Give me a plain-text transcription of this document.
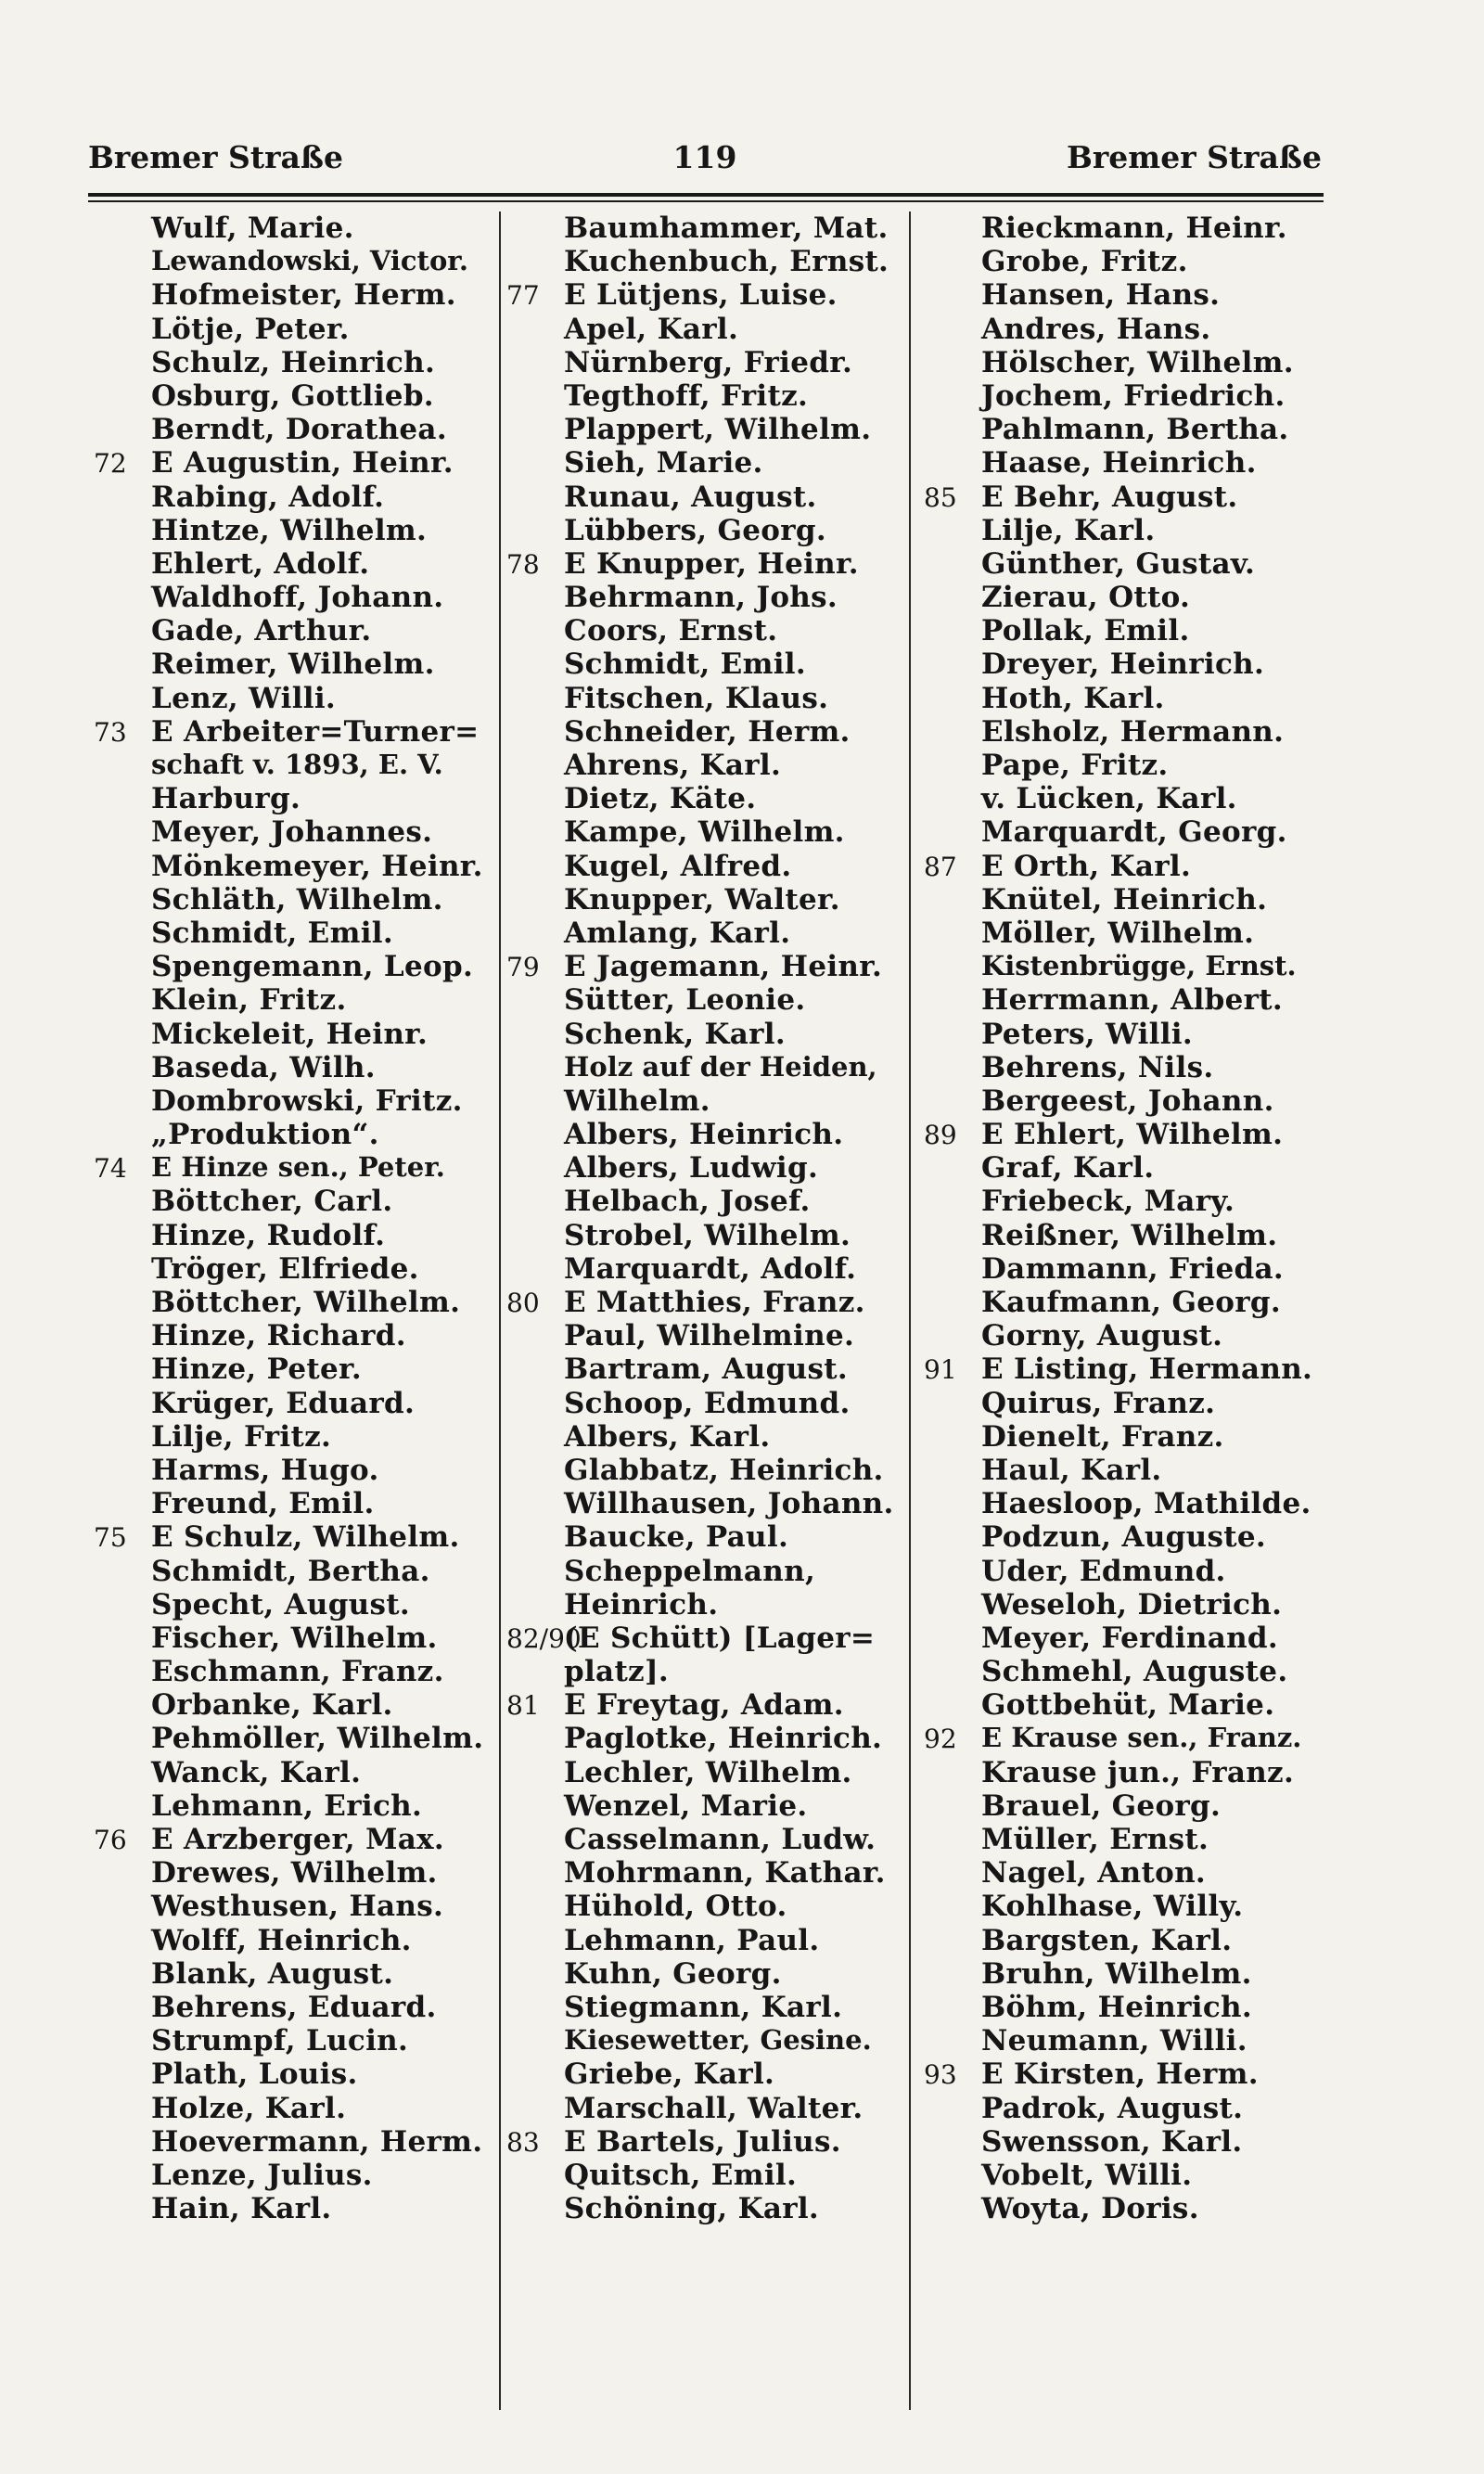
Bremer Straße	119	Bremer Straße
Wulf, Marie.
Lewandowski, Victor.
Hofmeister, Herm.
Lötje, Peter.
Schulz, Heinrich.
Osburg, Gottlieb.
Berndt, Dorathea.
72 E Augustin, Heinr.
Rabing, Adolf.
Hintze, Wilhelm.
Ehlert, Adolf.
Waldhoff, Johann.
Gade, Arthur.
Reimer, Wilhelm.
Lenz, Willi.
73 E Arbeiter=Turner=
schaft v. 1893, E. V.
Harburg.
Meyer, Johannes.
Mönkemeyer, Heinr.
Schläth, Wilhelm.
Schmidt, Emil.
Spengemann, Leop.
Klein, Fritz.
Mickeleit, Heinr.
Baseda, Wilh.
Dombrowski, Fritz.
„Produktion“.
74 E Hinze sen., Peter.
Böttcher, Carl.
Hinze, Rudolf.
Tröger, Elfriede.
Böttcher, Wilhelm.
Hinze, Richard.
Hinze, Peter.
Krüger, Eduard.
Lilje, Fritz.
Harms, Hugo.
Freund, Emil.
75 E Schulz, Wilhelm.
Schmidt, Bertha.
Specht, August.
Fischer, Wilhelm.
Eschmann, Franz.
Orbanke, Karl.
Pehmöller, Wilhelm.
Wanck, Karl.
Lehmann, Erich.
76 E Arzberger, Max.
Drewes, Wilhelm.
Westhusen, Hans.
Wolff, Heinrich.
Blank, August.
Behrens, Eduard.
Strumpf, Lucin.
Plath, Louis.
Holze, Karl.
Hoevermann, Herm.
Lenze, Julius.
Hain, Karl.
Baumhammer, Mat.
Kuchenbuch, Ernst.
77 E Lütjens, Luise.
Apel, Karl.
Nürnberg, Friedr.
Tegthoff, Fritz.
Plappert, Wilhelm.
Sieh, Marie.
Runau, August.
Lübbers, Georg.
78 E Knupper, Heinr.
Behrmann, Johs.
Coors, Ernst.
Schmidt, Emil.
Fitschen, Klaus.
Schneider, Herm.
Ahrens, Karl.
Dietz, Käte.
Kampe, Wilhelm.
Kugel, Alfred.
Knupper, Walter.
Amlang, Karl.
79 E Jagemann, Heinr.
Sütter, Leonie.
Schenk, Karl.
Holz auf der Heiden,
Wilhelm.
Albers, Heinrich.
Albers, Ludwig.
Helbach, Josef.
Strobel, Wilhelm.
Marquardt, Adolf.
80 E Matthies, Franz.
Paul, Wilhelmine.
Bartram, August.
Schoop, Edmund.
Albers, Karl.
Glabbatz, Heinrich.
Willhausen, Johann.
Baucke, Paul.
Scheppelmann,
Heinrich.
82/90
(E Schütt) [Lager=
platz].
81 E Freytag, Adam.
Paglotke, Heinrich.
Lechler, Wilhelm.
Wenzel, Marie.
Casselmann, Ludw.
Mohrmann, Kathar.
Hühold, Otto.
Lehmann, Paul.
Kuhn, Georg.
Stiegmann, Karl.
Kiesewetter, Gesine.
Griebe, Karl.
Marschall, Walter.
83 E Bartels, Julius.
Quitsch, Emil.
Schöning, Karl.
Rieckmann, Heinr.
Grobe, Fritz.
Hansen, Hans.
Andres, Hans.
Hölscher, Wilhelm.
Jochem, Friedrich.
Pahlmann, Bertha.
Haase, Heinrich.
85 E Behr, August.
Lilje, Karl.
Günther, Gustav.
Zierau, Otto.
Pollak, Emil.
Dreyer, Heinrich.
Hoth, Karl.
Elsholz, Hermann.
Pape, Fritz.
v. Lücken, Karl.
Marquardt, Georg.
87 E Orth, Karl.
Knütel, Heinrich.
Möller, Wilhelm.
Kistenbrügge, Ernst.
Herrmann, Albert.
Peters, Willi.
Behrens, Nils.
Bergeest, Johann.
89 E Ehlert, Wilhelm.
Graf, Karl.
Friebeck, Mary.
Reißner, Wilhelm.
Dammann, Frieda.
Kaufmann, Georg.
Gorny, August.
91 E Listing, Hermann.
Quirus, Franz.
Dienelt, Franz.
Haul, Karl.
Haesloop, Mathilde.
Podzun, Auguste.
Uder, Edmund.
Weseloh, Dietrich.
Meyer, Ferdinand.
Schmehl, Auguste.
Gottbehüt, Marie.
92 E Krause sen., Franz.
Krause jun., Franz.
Brauel, Georg.
Müller, Ernst.
Nagel, Anton.
Kohlhase, Willy.
Bargsten, Karl.
Bruhn, Wilhelm.
Böhm, Heinrich.
Neumann, Willi.
93 E Kirsten, Herm.
Padrok, August.
Swensson, Karl.
Vobelt, Willi.
Woyta, Doris.
